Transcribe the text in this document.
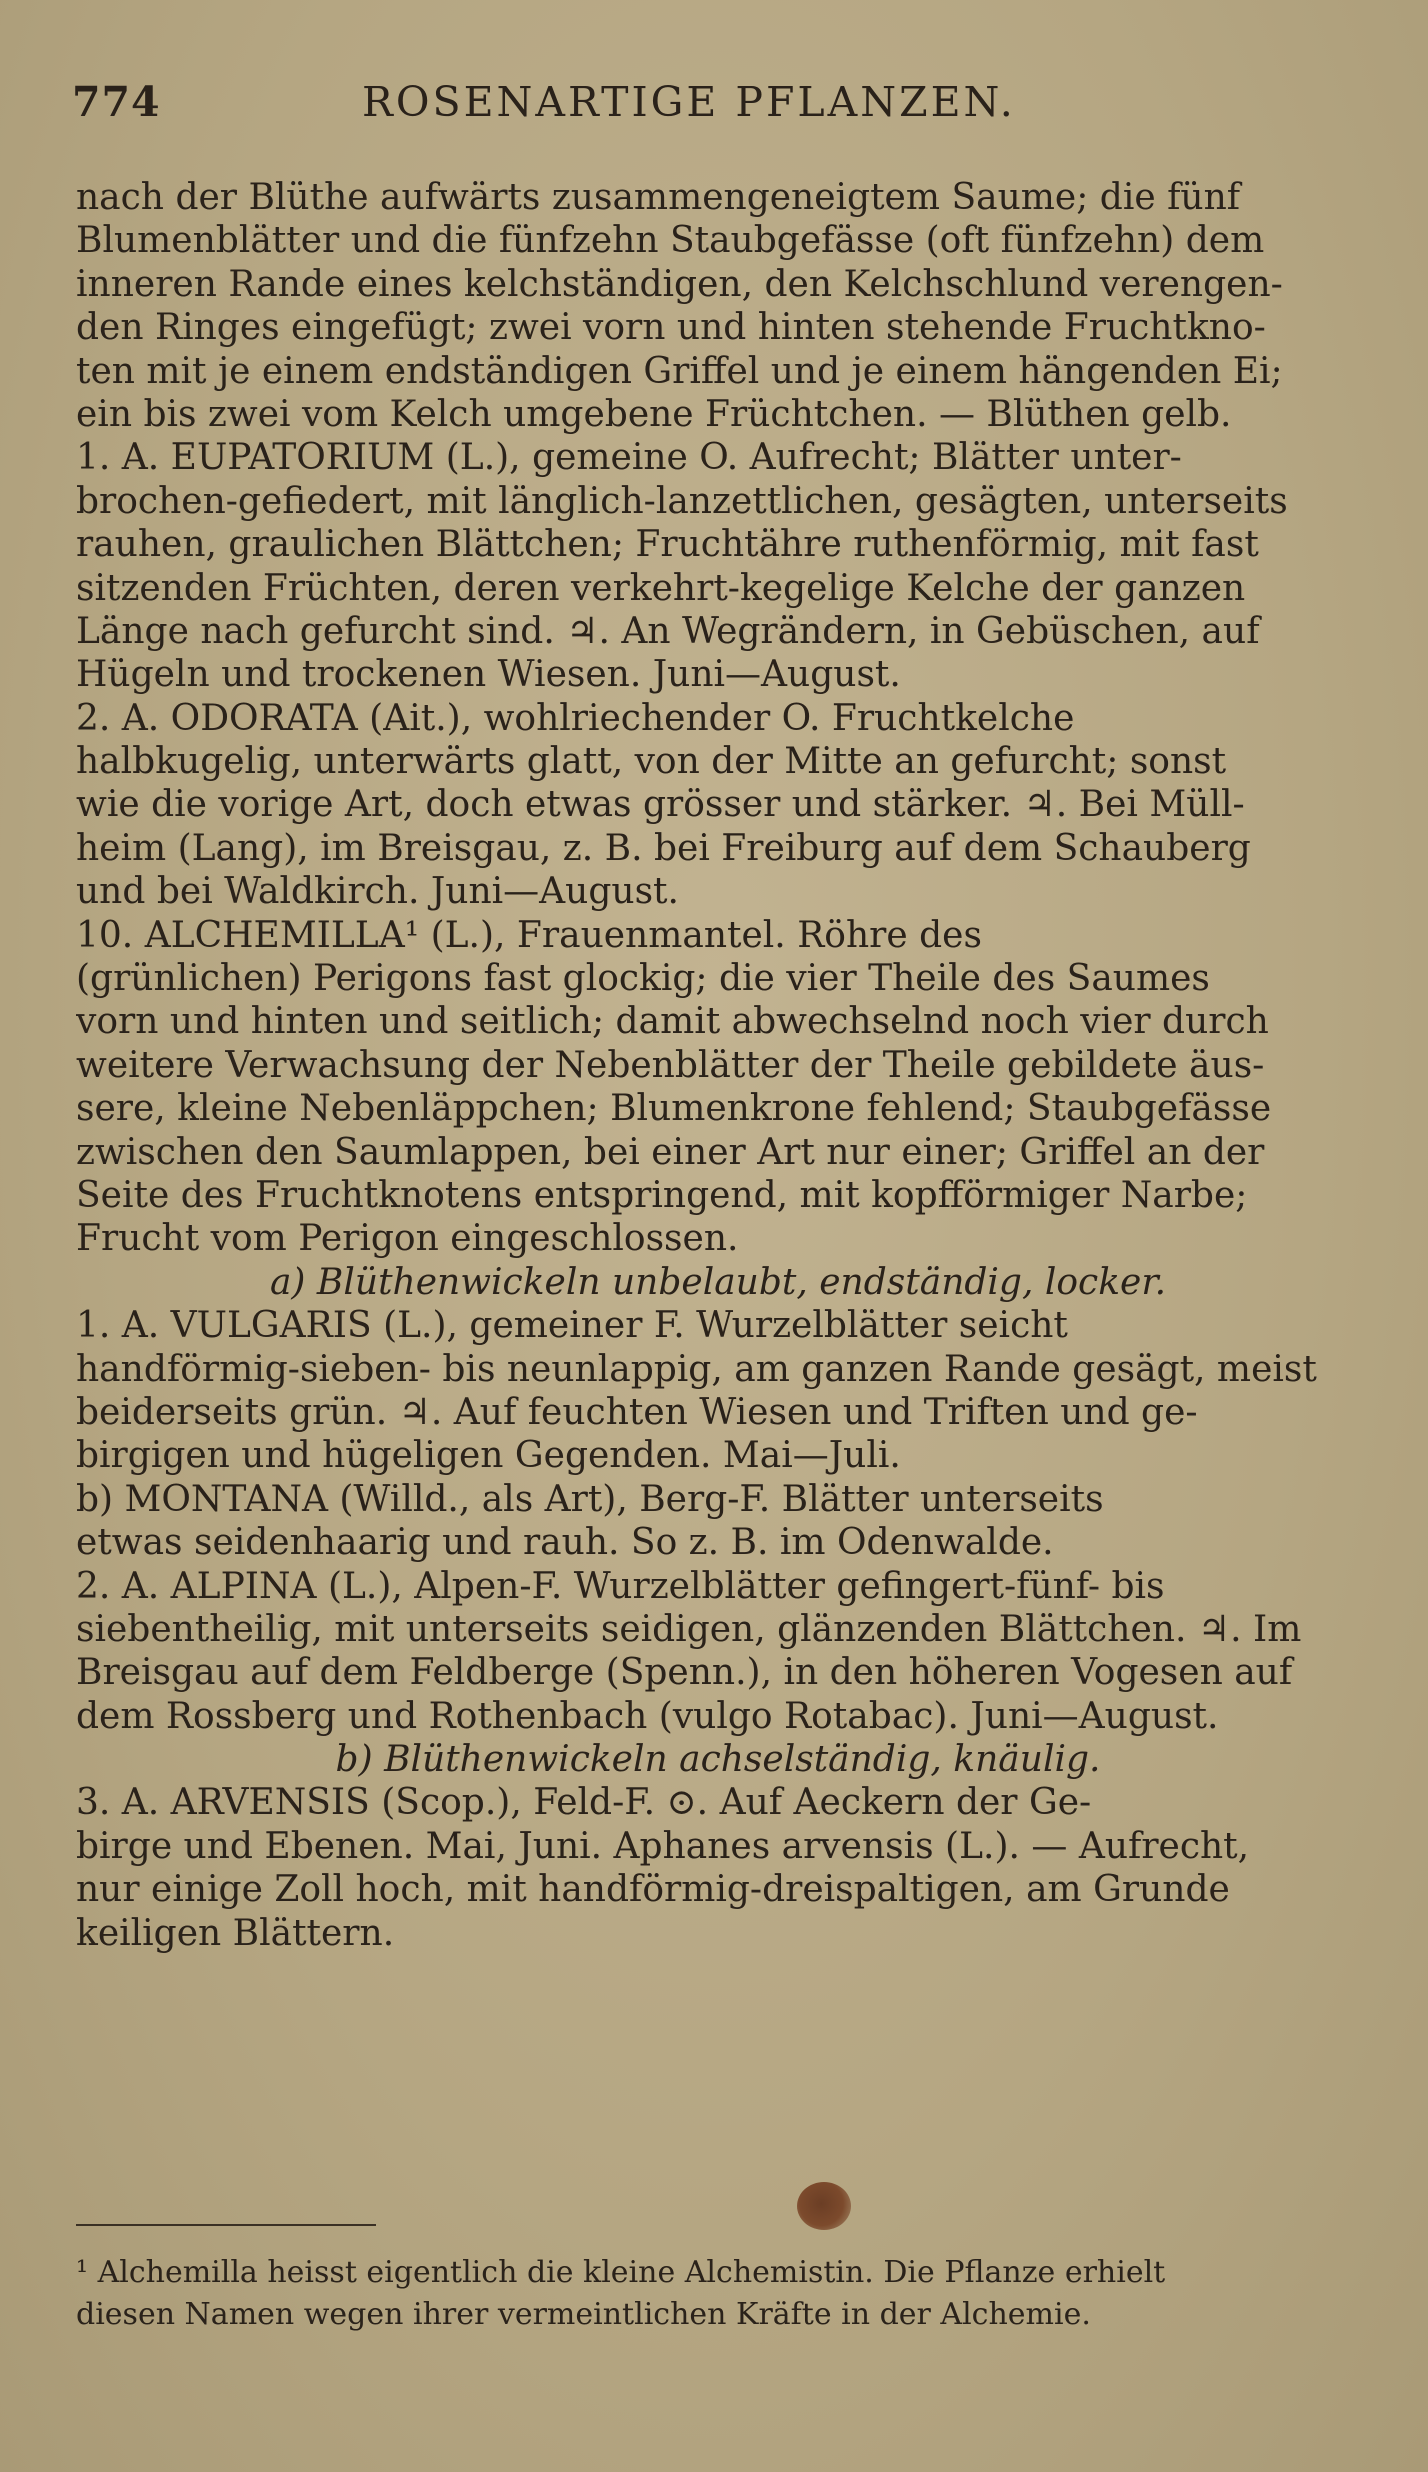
774	ROSENARTIGE PFLANZEN.
nach der Blüthe aufwärts zusammengeneigtem Saume; die fünf
Blumenblätter und die fünfzehn Staubgefässe (oft fünfzehn) dem
inneren Rande eines kelchständigen, den Kelchschlund verengen-
den Ringes eingefügt; zwei vorn und hinten stehende Fruchtkno-
ten mit je einem endständigen Griffel und je einem hängenden Ei;
ein bis zwei vom Kelch umgebene Früchtchen. — Blüthen gelb.
1. A. EUPATORIUM (L.), gemeine O. Aufrecht; Blätter unter-
brochen-gefiedert, mit länglich-lanzettlichen, gesägten, unterseits
rauhen, graulichen Blättchen; Fruchtähre ruthenförmig, mit fast
sitzenden Früchten, deren verkehrt-kegelige Kelche der ganzen
Länge nach gefurcht sind. ♃. An Wegrändern, in Gebüschen, auf
Hügeln und trockenen Wiesen. Juni—August.
2. A. ODORATA (Ait.), wohlriechender O. Fruchtkelche
halbkugelig, unterwärts glatt, von der Mitte an gefurcht; sonst
wie die vorige Art, doch etwas grösser und stärker. ♃. Bei Müll-
heim (Lang), im Breisgau, z. B. bei Freiburg auf dem Schauberg
und bei Waldkirch. Juni—August.
10. ALCHEMILLA¹ (L.), Frauenmantel. Röhre des
(grünlichen) Perigons fast glockig; die vier Theile des Saumes
vorn und hinten und seitlich; damit abwechselnd noch vier durch
weitere Verwachsung der Nebenblätter der Theile gebildete äus-
sere, kleine Nebenläppchen; Blumenkrone fehlend; Staubgefässe
zwischen den Saumlappen, bei einer Art nur einer; Griffel an der
Seite des Fruchtknotens entspringend, mit kopfförmiger Narbe;
Frucht vom Perigon eingeschlossen.
a) Blüthenwickeln unbelaubt, endständig, locker.
1. A. VULGARIS (L.), gemeiner F. Wurzelblätter seicht
handförmig-sieben- bis neunlappig, am ganzen Rande gesägt, meist
beiderseits grün. ♃. Auf feuchten Wiesen und Triften und ge-
birgigen und hügeligen Gegenden. Mai—Juli.
b) MONTANA (Willd., als Art), Berg-F. Blätter unterseits
etwas seidenhaarig und rauh. So z. B. im Odenwalde.
2. A. ALPINA (L.), Alpen-F. Wurzelblätter gefingert-fünf- bis
siebentheilig, mit unterseits seidigen, glänzenden Blättchen. ♃. Im
Breisgau auf dem Feldberge (Spenn.), in den höheren Vogesen auf
dem Rossberg und Rothenbach (vulgo Rotabac). Juni—August.
b) Blüthenwickeln achselständig, knäulig.
3. A. ARVENSIS (Scop.), Feld-F. ⊙. Auf Aeckern der Ge-
birge und Ebenen. Mai, Juni. Aphanes arvensis (L.). — Aufrecht,
nur einige Zoll hoch, mit handförmig-dreispaltigen, am Grunde
keiligen Blättern.
¹ Alchemilla heisst eigentlich die kleine Alchemistin. Die Pflanze erhielt
diesen Namen wegen ihrer vermeintlichen Kräfte in der Alchemie.
